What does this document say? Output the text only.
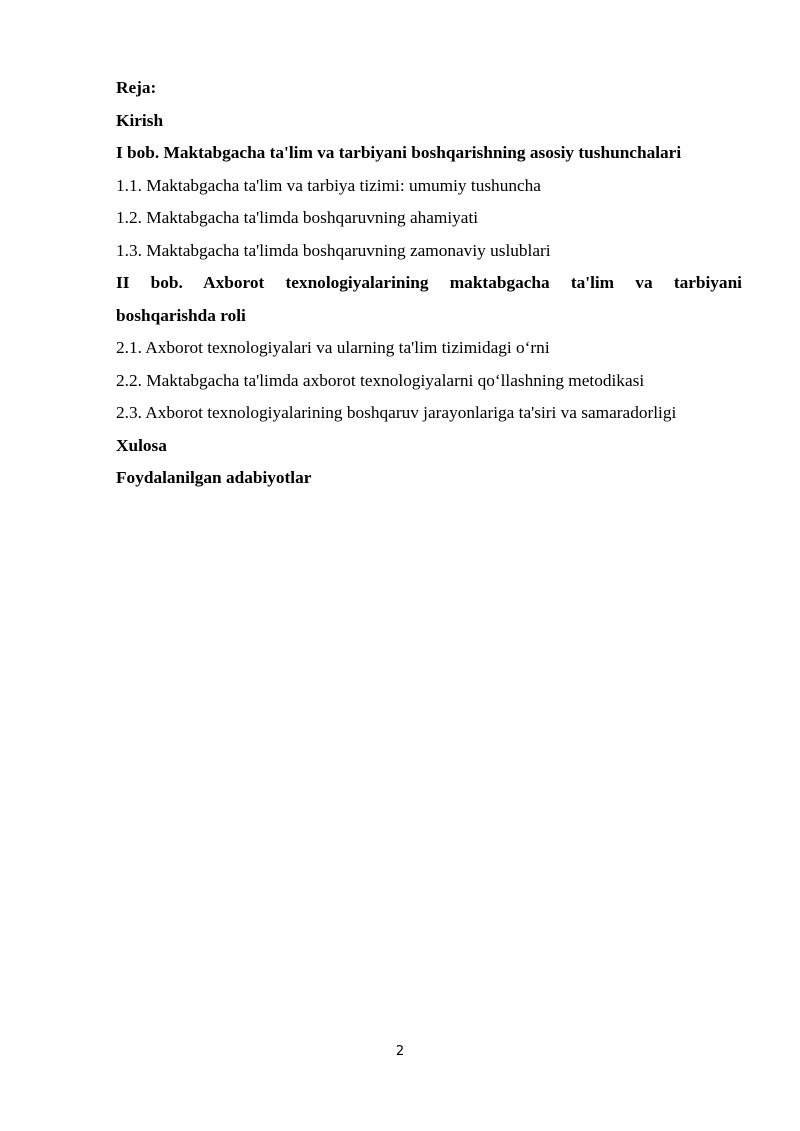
Reja:
Kirish
I bob. Maktabgacha ta'lim va tarbiyani boshqarishning asosiy tushunchalari
1.1. Maktabgacha ta'lim va tarbiya tizimi: umumiy tushuncha
1.2. Maktabgacha ta'limda boshqaruvning ahamiyati
1.3. Maktabgacha ta'limda boshqaruvning zamonaviy uslublari
II bob. Axborot texnologiyalarining maktabgacha ta'lim va tarbiyani
boshqarishda roli
2.1. Axborot texnologiyalari va ularning ta'lim tizimidagi o‘rni
2.2. Maktabgacha ta'limda axborot texnologiyalarni qo‘llashning metodikasi
2.3. Axborot texnologiyalarining boshqaruv jarayonlariga ta'siri va samaradorligi
Xulosa
Foydalanilgan adabiyotlar
2
